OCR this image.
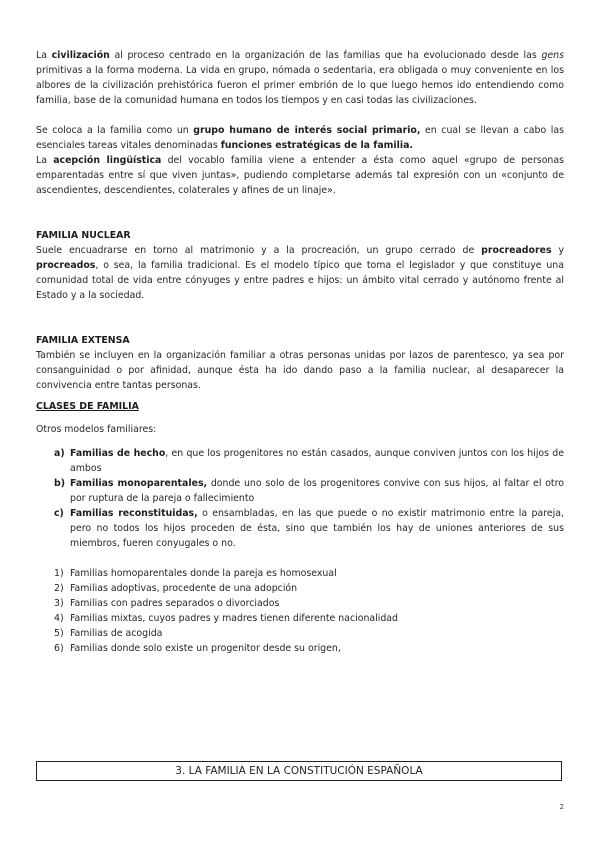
La civilización al proceso centrado en la organización de las familias que ha evolucionado desde las gens primitivas a la forma moderna. La vida en grupo, nómada o sedentaria, era obligada o muy conveniente en los albores de la civilización prehistórica fueron el primer embrión de lo que luego hemos ido entendiendo como familia, base de la comunidad humana en todos los tiempos y en casi todas las civilizaciones.

Se coloca a la familia como un grupo humano de interés social primario, en cual se llevan a cabo las esenciales tareas vitales denominadas funciones estratégicas de la familia.

La acepción lingüística del vocablo familia viene a entender a ésta como aquel «grupo de personas emparentadas entre sí que viven juntas», pudiendo completarse además tal expresión con un «conjunto de ascendientes, descendientes, colaterales y afines de un linaje».

FAMILIA NUCLEAR

Suele encuadrarse en torno al matrimonio y a la procreación, un grupo cerrado de procreadores y procreados, o sea, la familia tradicional. Es el modelo típico que toma el legislador y que constituye una comunidad total de vida entre cónyuges y entre padres e hijos: un ámbito vital cerrado y autónomo frente al Estado y a la sociedad.

FAMILIA EXTENSA

También se incluyen en la organización familiar a otras personas unidas por lazos de parentesco, ya sea por consanguinidad o por afinidad, aunque ésta ha ido dando paso a la familia nuclear, al desaparecer la convivencia entre tantas personas.

CLASES DE FAMILIA

Otros modelos familiares:

a) Familias de hecho, en que los progenitores no están casados, aunque conviven juntos con los hijos de ambos
b) Familias monoparentales, donde uno solo de los progenitores convive con sus hijos, al faltar el otro por ruptura de la pareja o fallecimiento
c) Familias reconstituidas, o ensambladas, en las que puede o no existir matrimonio entre la pareja, pero no todos los hijos proceden de ésta, sino que también los hay de uniones anteriores de sus miembros, fueren conyugales o no.
1) Familias homoparentales donde la pareja es homosexual
2) Familias adoptivas, procedente de una adopción
3) Familias con padres separados o divorciados
4) Familias mixtas, cuyos padres y madres tienen diferente nacionalidad
5) Familias de acogida
6) Familias donde solo existe un progenitor desde su origen,
3. LA FAMILIA EN LA CONSTITUCIÓN ESPAÑOLA
2
